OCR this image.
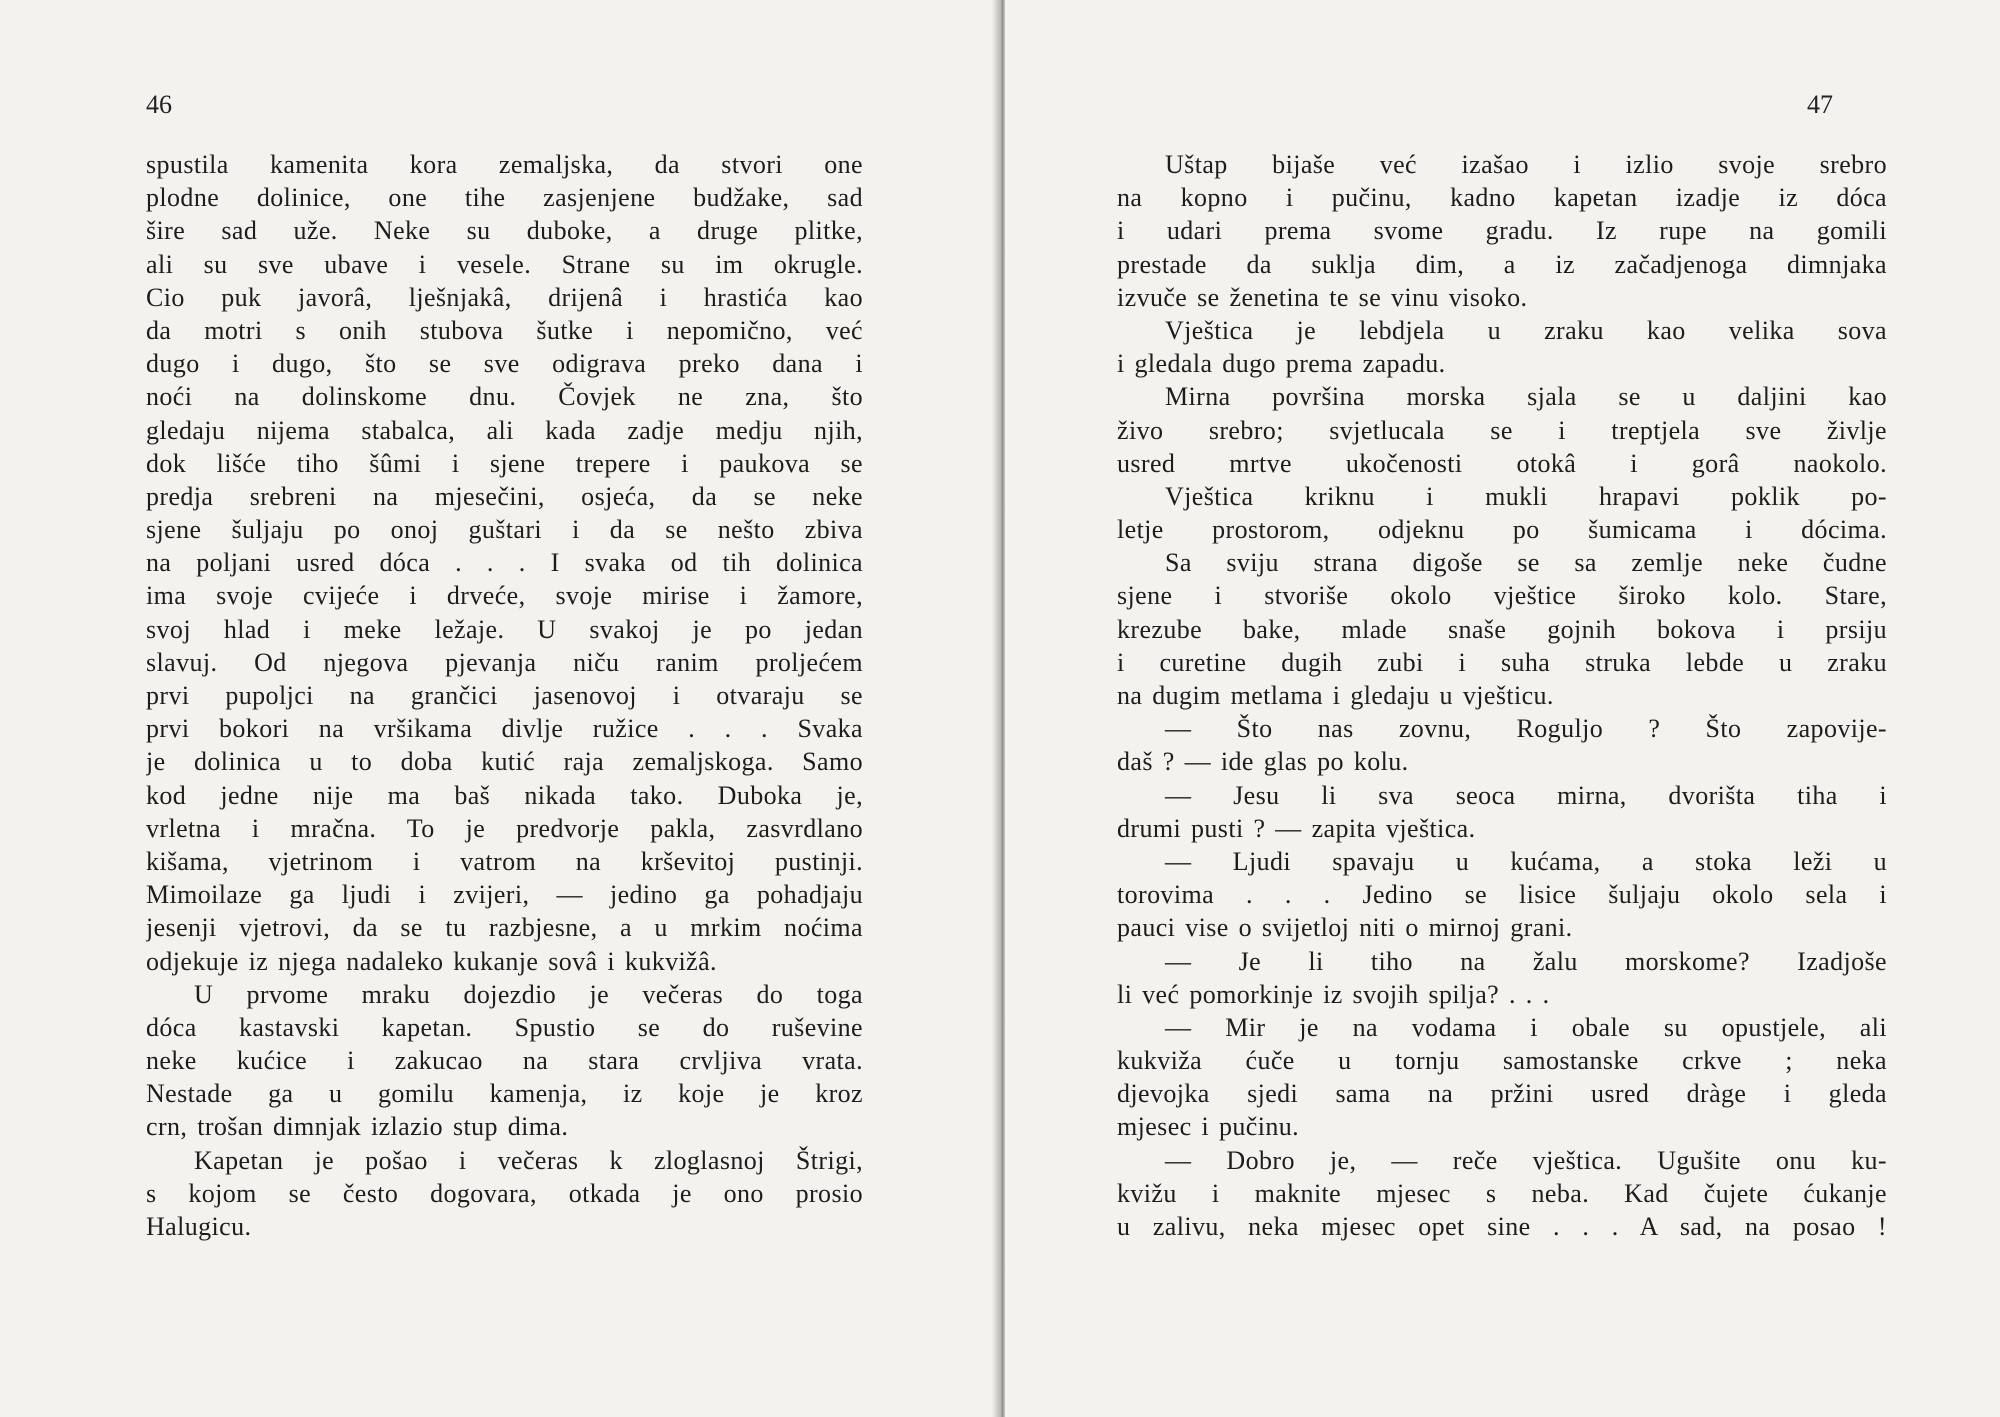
46
spustila kamenita kora zemaljska, da stvori one
plodne dolinice, one tihe zasjenjene budžake, sad
šire sad uže. Neke su duboke, a druge plitke,
ali su sve ubave i vesele. Strane su im okrugle.
Cio puk javorâ, lješnjakâ, drijenâ i hrastića kao
da motri s onih stubova šutke i nepomično, već
dugo i dugo, što se sve odigrava preko dana i
noći na dolinskome dnu. Čovjek ne zna, što
gledaju nijema stabalca, ali kada zadje medju njih,
dok lišće tiho šûmi i sjene trepere i paukova se
predja srebreni na mjesečini, osjeća, da se neke
sjene šuljaju po onoj guštari i da se nešto zbiva
na poljani usred dóca . . . I svaka od tih dolinica
ima svoje cvijeće i drveće, svoje mirise i žamore,
svoj hlad i meke ležaje. U svakoj je po jedan
slavuj. Od njegova pjevanja niču ranim proljećem
prvi pupoljci na grančici jasenovoj i otvaraju se
prvi bokori na vršikama divlje ružice . . . Svaka
je dolinica u to doba kutić raja zemaljskoga. Samo
kod jedne nije ma baš nikada tako. Duboka je,
vrletna i mračna. To je predvorje pakla, zasvrdlano
kišama, vjetrinom i vatrom na krševitoj pustinji.
Mimoilaze ga ljudi i zvijeri, — jedino ga pohadjaju
jesenji vjetrovi, da se tu razbjesne, a u mrkim noćima
odjekuje iz njega nadaleko kukanje sovâ i kukvižâ.
U prvome mraku dojezdio je večeras do toga
dóca kastavski kapetan. Spustio se do ruševine
neke kućice i zakucao na stara crvljiva vrata.
Nestade ga u gomilu kamenja, iz koje je kroz
crn, trošan dimnjak izlazio stup dima.
Kapetan je pošao i večeras k zloglasnoj Štrigi,
s kojom se često dogovara, otkada je ono prosio
Halugicu.
47
Uštap bijaše već izašao i izlio svoje srebro
na kopno i pučinu, kadno kapetan izadje iz dóca
i udari prema svome gradu. Iz rupe na gomili
prestade da suklja dim, a iz začadjenoga dimnjaka
izvuče se ženetina te se vinu visoko.
Vještica je lebdjela u zraku kao velika sova
i gledala dugo prema zapadu.
Mirna površina morska sjala se u daljini kao
živo srebro; svjetlucala se i treptjela sve življe
usred mrtve ukočenosti otokâ i gorâ naokolo.
Vještica kriknu i mukli hrapavi poklik po-
letje prostorom, odjeknu po šumicama i dócima.
Sa sviju strana digoše se sa zemlje neke čudne
sjene i stvoriše okolo vještice široko kolo. Stare,
krezube bake, mlade snaše gojnih bokova i prsiju
i curetine dugih zubi i suha struka lebde u zraku
na dugim metlama i gledaju u vješticu.
— Što nas zovnu, Roguljo ? Što zapovije-
daš ? — ide glas po kolu.
— Jesu li sva seoca mirna, dvorišta tiha i
drumi pusti ? — zapita vještica.
— Ljudi spavaju u kućama, a stoka leži u
torovima . . . Jedino se lisice šuljaju okolo sela i
pauci vise o svijetloj niti o mirnoj grani.
— Je li tiho na žalu morskome? Izadjoše
li već pomorkinje iz svojih spilja? . . .
— Mir je na vodama i obale su opustjele, ali
kukviža ćuče u tornju samostanske crkve ; neka
djevojka sjedi sama na pržini usred dràge i gleda
mjesec i pučinu.
— Dobro je, — reče vještica. Ugušite onu ku-
kvižu i maknite mjesec s neba. Kad čujete ćukanje
u zalivu, neka mjesec opet sine . . . A sad, na posao !
